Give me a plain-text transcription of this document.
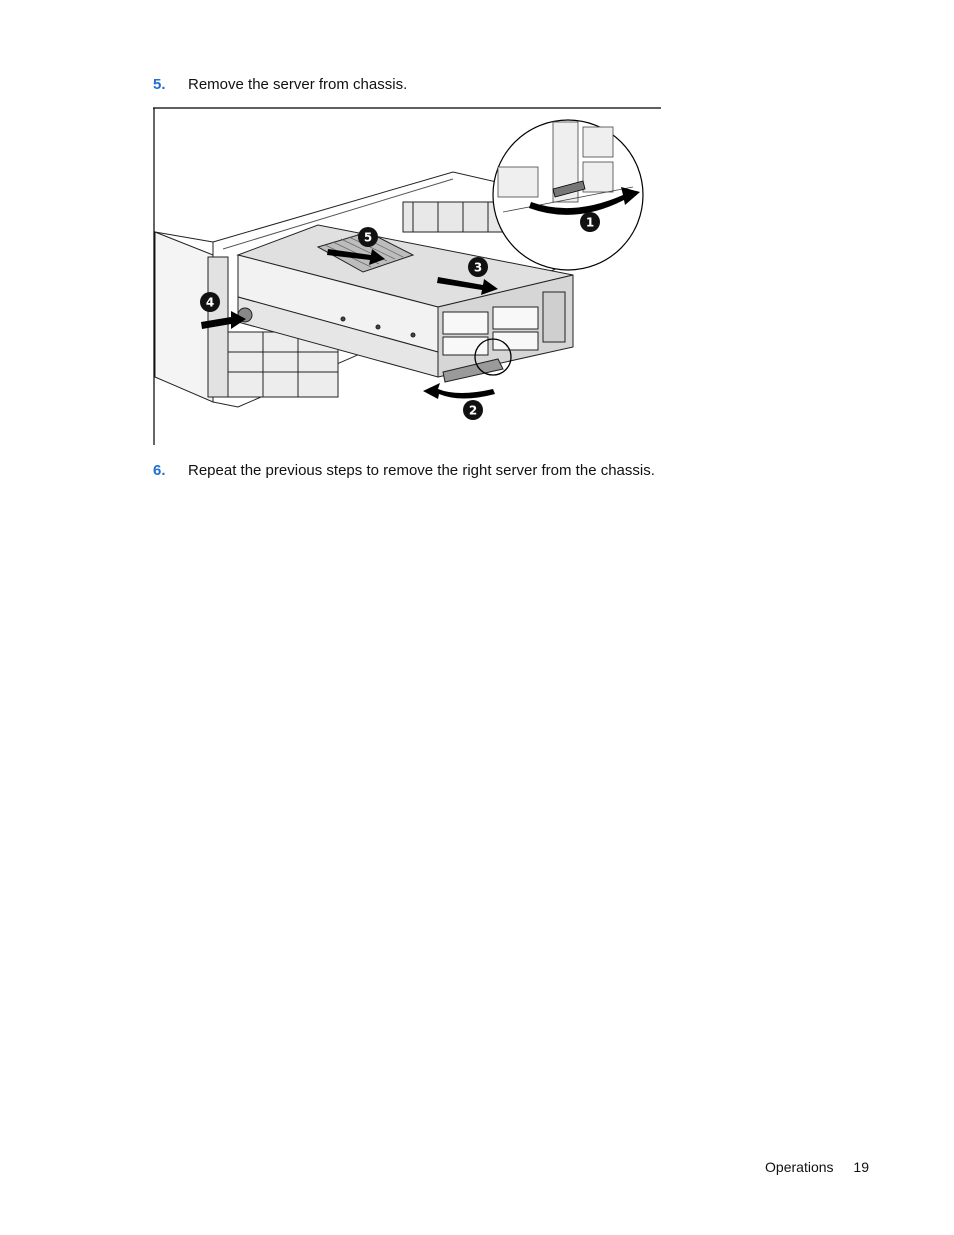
5. Remove the server from chassis.
5
3
4
1
2
6. Repeat the previous steps to remove the right server from the chassis.
Operations 19
